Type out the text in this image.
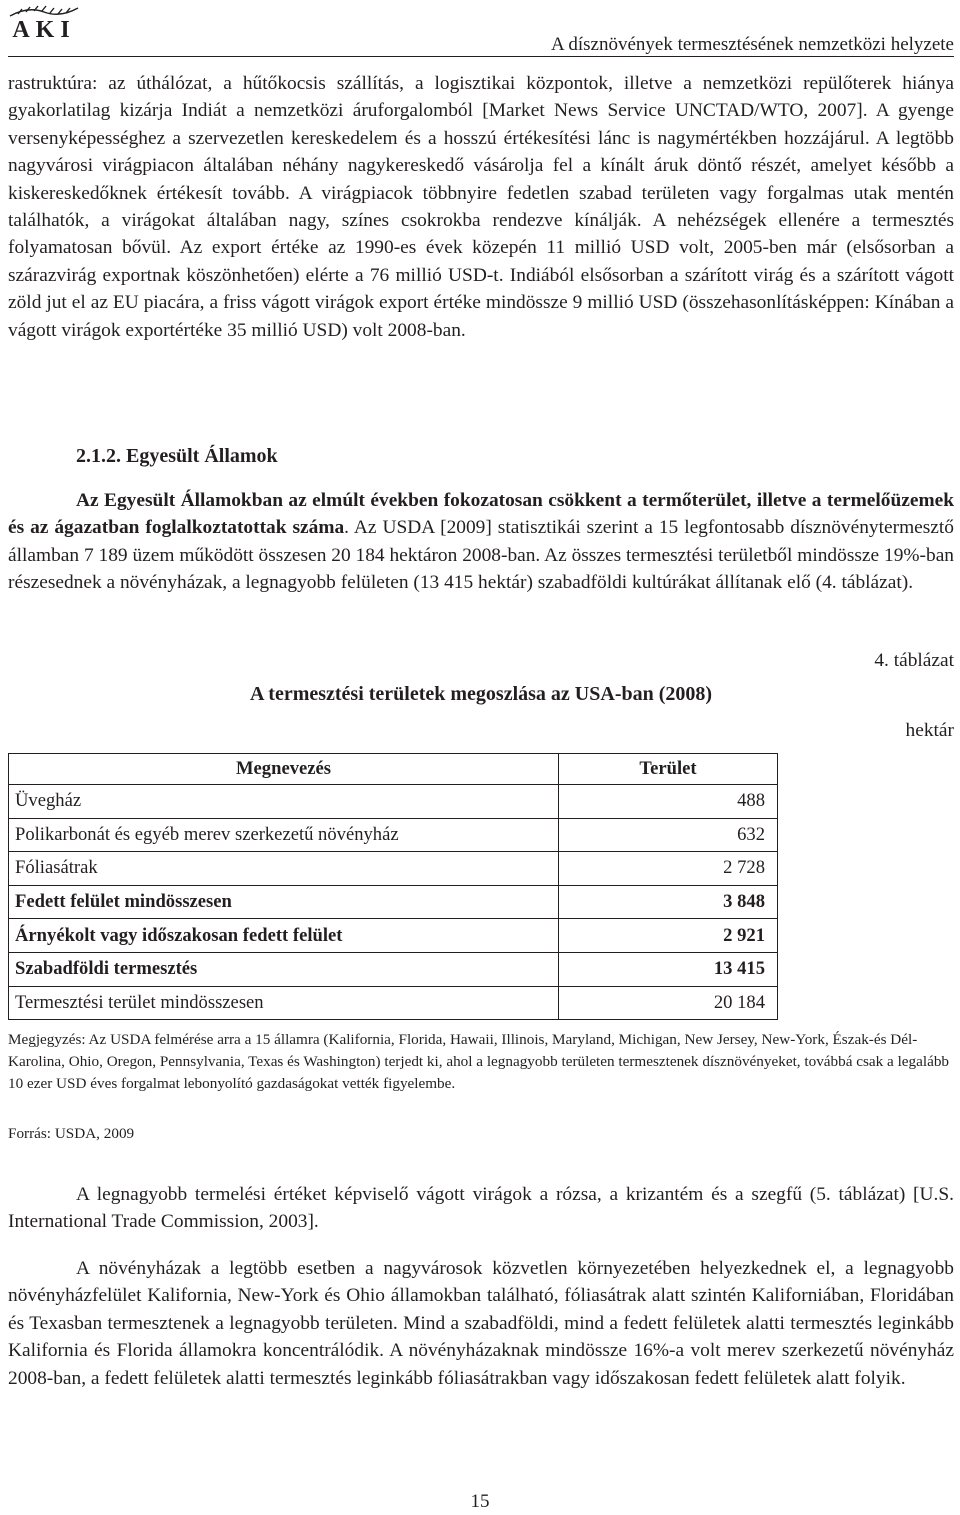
AKI
A dísznövények termesztésének nemzetközi helyzete

rastruktúra: az úthálózat, a hűtőkocsis szállítás, a logisztikai központok, illetve a nemzetközi repülőterek hiánya gyakorlatilag kizárja Indiát a nemzetközi áruforgalomból [Market News Service UNCTAD/WTO, 2007]. A gyenge versenyképességhez a szervezetlen kereskedelem és a hosszú értékesítési lánc is nagymértékben hozzájárul. A legtöbb nagyvárosi virágpiacon általában néhány nagykereskedő vásárolja fel a kínált áruk döntő részét, amelyet később a kiskereskedőknek értékesít tovább. A virágpiacok többnyire fedetlen szabad területen vagy forgalmas utak mentén találhatók, a virágokat általában nagy, színes csokrokba rendezve kínálják. A nehézségek ellenére a termesztés folyamatosan bővül. Az export értéke az 1990-es évek közepén 11 millió USD volt, 2005-ben már (elsősorban a szárazvirág exportnak köszönhetően) elérte a 76 millió USD-t. Indiából elsősorban a szárított virág és a szárított vágott zöld jut el az EU piacára, a friss vágott virágok export értéke mindössze 9 millió USD (összehasonlításképpen: Kínában a vágott virágok exportértéke 35 millió USD) volt 2008-ban.

2.1.2. Egyesült Államok

Az Egyesült Államokban az elmúlt években fokozatosan csökkent a termőterület, illetve a termelőüzemek és az ágazatban foglalkoztatottak száma. Az USDA [2009] statisztikái szerint a 15 legfontosabb dísznövénytermesztő államban 7 189 üzem működött összesen 20 184 hektáron 2008-ban. Az összes termesztési területből mindössze 19%-ban részesednek a növényházak, a legnagyobb felületen (13 415 hektár) szabadföldi kultúrákat állítanak elő (4. táblázat).

4. táblázat
A termesztési területek megoszlása az USA-ban (2008)
hektár
Megnevezés	Terület
Üvegház	488
Polikarbonát és egyéb merev szerkezetű növényház	632
Fóliasátrak	2 728
Fedett felület mindösszesen	3 848
Árnyékolt vagy időszakosan fedett felület	2 921
Szabadföldi termesztés	13 415
Termesztési terület mindösszesen	20 184

Megjegyzés: Az USDA felmérése arra a 15 államra (Kalifornia, Florida, Hawaii, Illinois, Maryland, Michigan, New Jersey, New-York, Észak-és Dél-Karolina, Ohio, Oregon, Pennsylvania, Texas és Washington) terjedt ki, ahol a legnagyobb területen termesztenek dísznövényeket, továbbá csak a legalább 10 ezer USD éves forgalmat lebonyolító gazdaságokat vették figyelembe.

Forrás: USDA, 2009

A legnagyobb termelési értéket képviselő vágott virágok a rózsa, a krizantém és a szegfű (5. táblázat) [U.S. International Trade Commission, 2003].

A növényházak a legtöbb esetben a nagyvárosok közvetlen környezetében helyezkednek el, a legnagyobb növényházfelület Kalifornia, New-York és Ohio államokban található, fóliasátrak alatt szintén Kaliforniában, Floridában és Texasban termesztenek a legnagyobb területen. Mind a szabadföldi, mind a fedett felületek alatti termesztés leginkább Kalifornia és Florida államokra koncentrálódik. A növényházaknak mindössze 16%-a volt merev szerkezetű növényház 2008-ban, a fedett felületek alatti termesztés leginkább fóliasátrakban vagy időszakosan fedett felületek alatt folyik.

15
